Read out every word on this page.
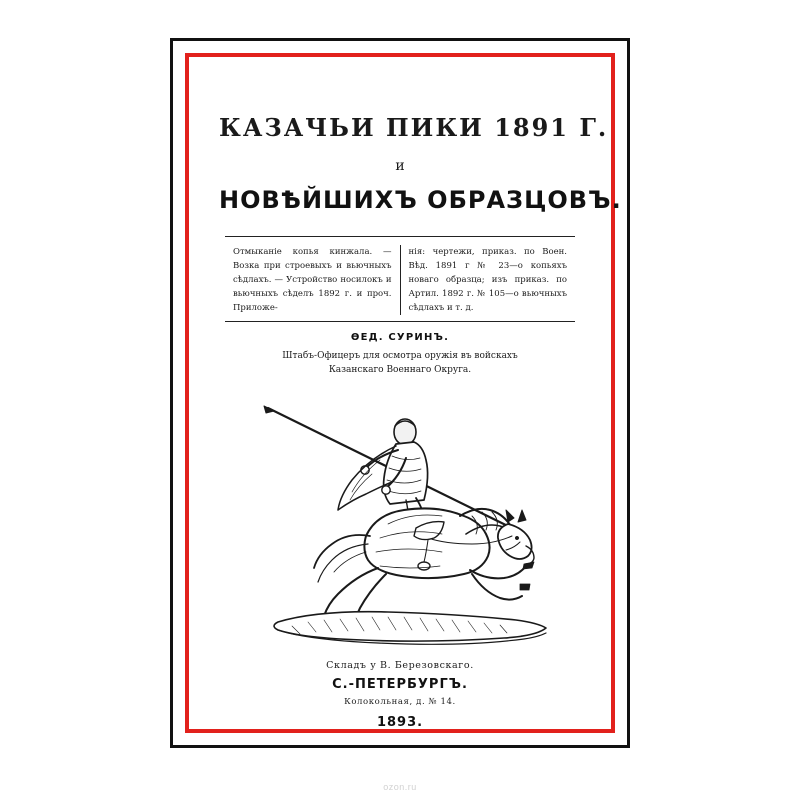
КАЗАЧЬИ ПИКИ 1891 Г.
и
НОВѢЙШИХЪ ОБРАЗЦОВЪ.
Отмыканіе копья кинжала. — Возка при строевыхъ и вьючныхъ сѣдлахъ. — Устройство носилокъ и вьючныхъ сѣделъ 1892 г. и проч. Приложе-
нія: чертежи, приказ. по Воен. Вѣд. 1891 г № 23—о копьяхъ новаго образца; изъ приказ. по Артил. 1892 г. № 105—о вьючныхъ сѣдлахъ и т. д.
ѲЕД. СУРИНЪ.
Штабъ-Офицеръ для осмотра оружія въ войскахъ
Казанскаго Военнаго Округа.
Складъ у В. Березовскаго.
С.-ПЕТЕРБУРГЪ.
Колокольная, д. № 14.
1893.
ozon.ru
